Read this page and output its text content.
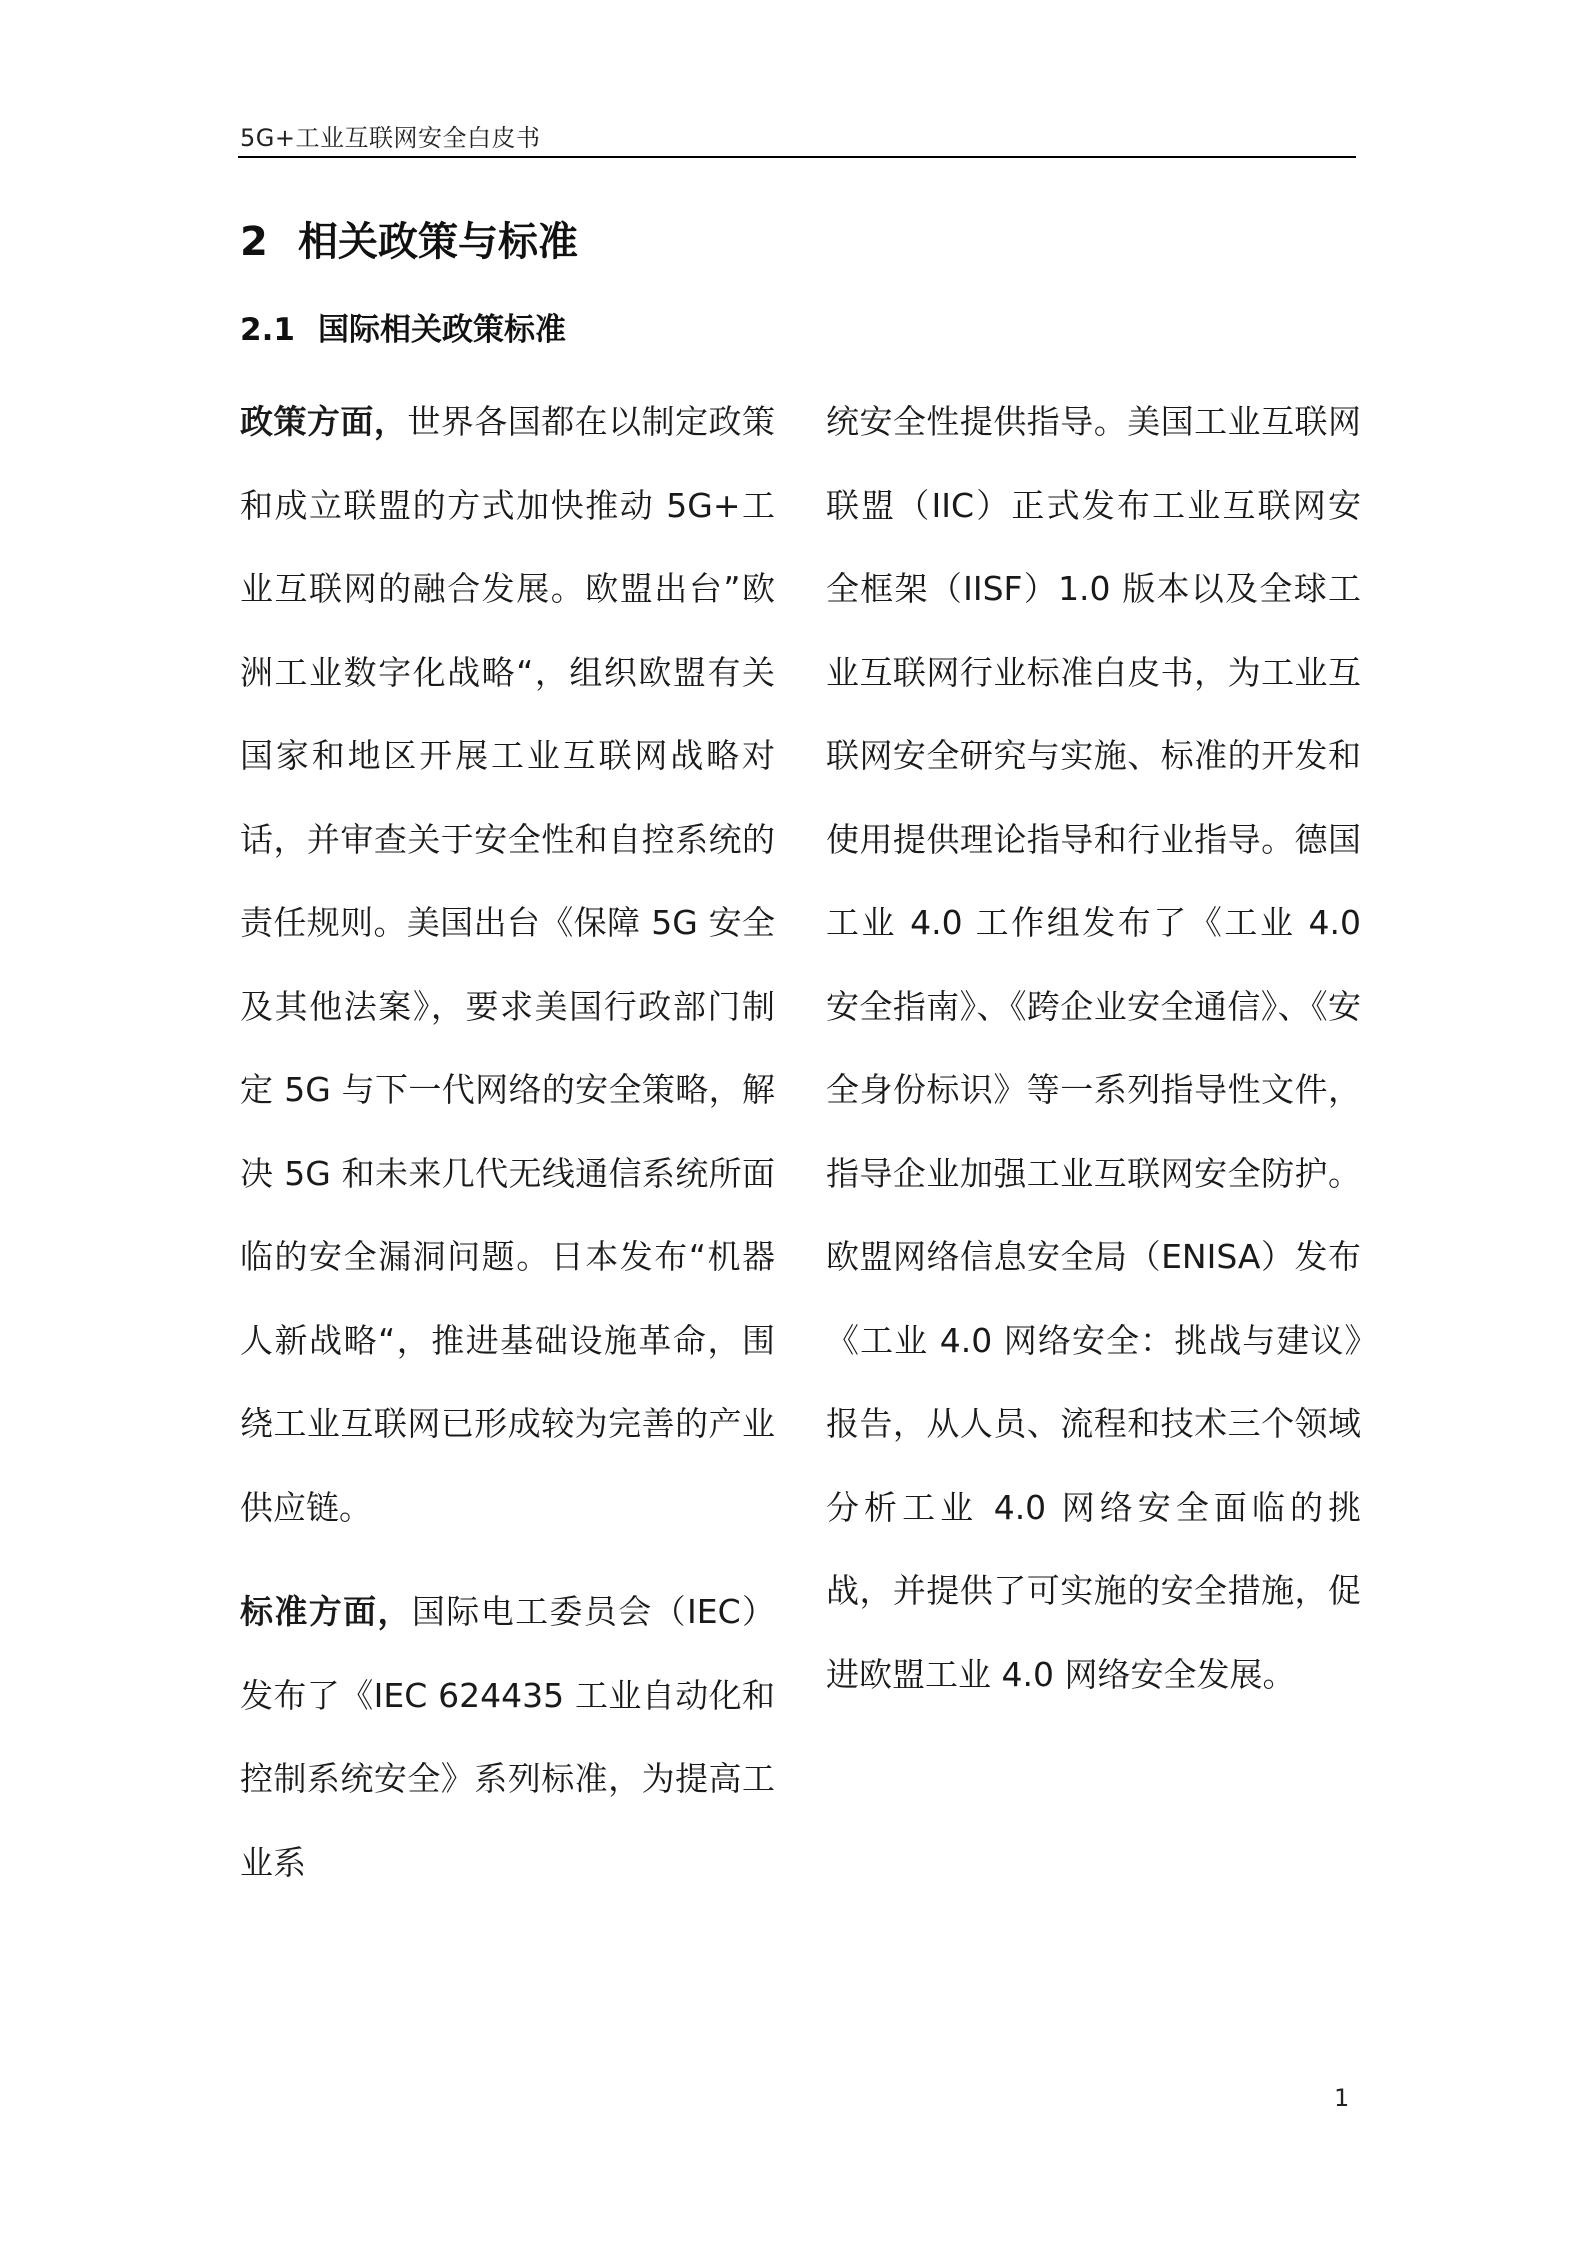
5G+工业互联网安全白皮书
2 相关政策与标准
2.1 国际相关政策标准

政策方面，世界各国都在以制定政策和成立联盟的方式加快推动 5G+工业互联网的融合发展。欧盟出台”欧洲工业数字化战略“，组织欧盟有关国家和地区开展工业互联网战略对话，并审查关于安全性和自控系统的责任规则。美国出台《保障 5G 安全及其他法案》，要求美国行政部门制定 5G 与下一代网络的安全策略，解决 5G 和未来几代无线通信系统所面临的安全漏洞问题。日本发布“机器人新战略“，推进基础设施革命，围绕工业互联网已形成较为完善的产业供应链。

标准方面，国际电工委员会（IEC）发布了《IEC 624435 工业自动化和控制系统安全》系列标准，为提高工业系

统安全性提供指导。美国工业互联网联盟（IIC）正式发布工业互联网安全框架（IISF）1.0 版本以及全球工业互联网行业标准白皮书，为工业互联网安全研究与实施、标准的开发和使用提供理论指导和行业指导。德国工业 4.0 工作组发布了《工业 4.0 安全指南》、《跨企业安全通信》、《安全身份标识》等一系列指导性文件，指导企业加强工业互联网安全防护。欧盟网络信息安全局（ENISA）发布《工业 4.0 网络安全：挑战与建议》报告，从人员、流程和技术三个领域分析工业 4.0 网络安全面临的挑战，并提供了可实施的安全措施，促进欧盟工业 4.0 网络安全发展。

1
